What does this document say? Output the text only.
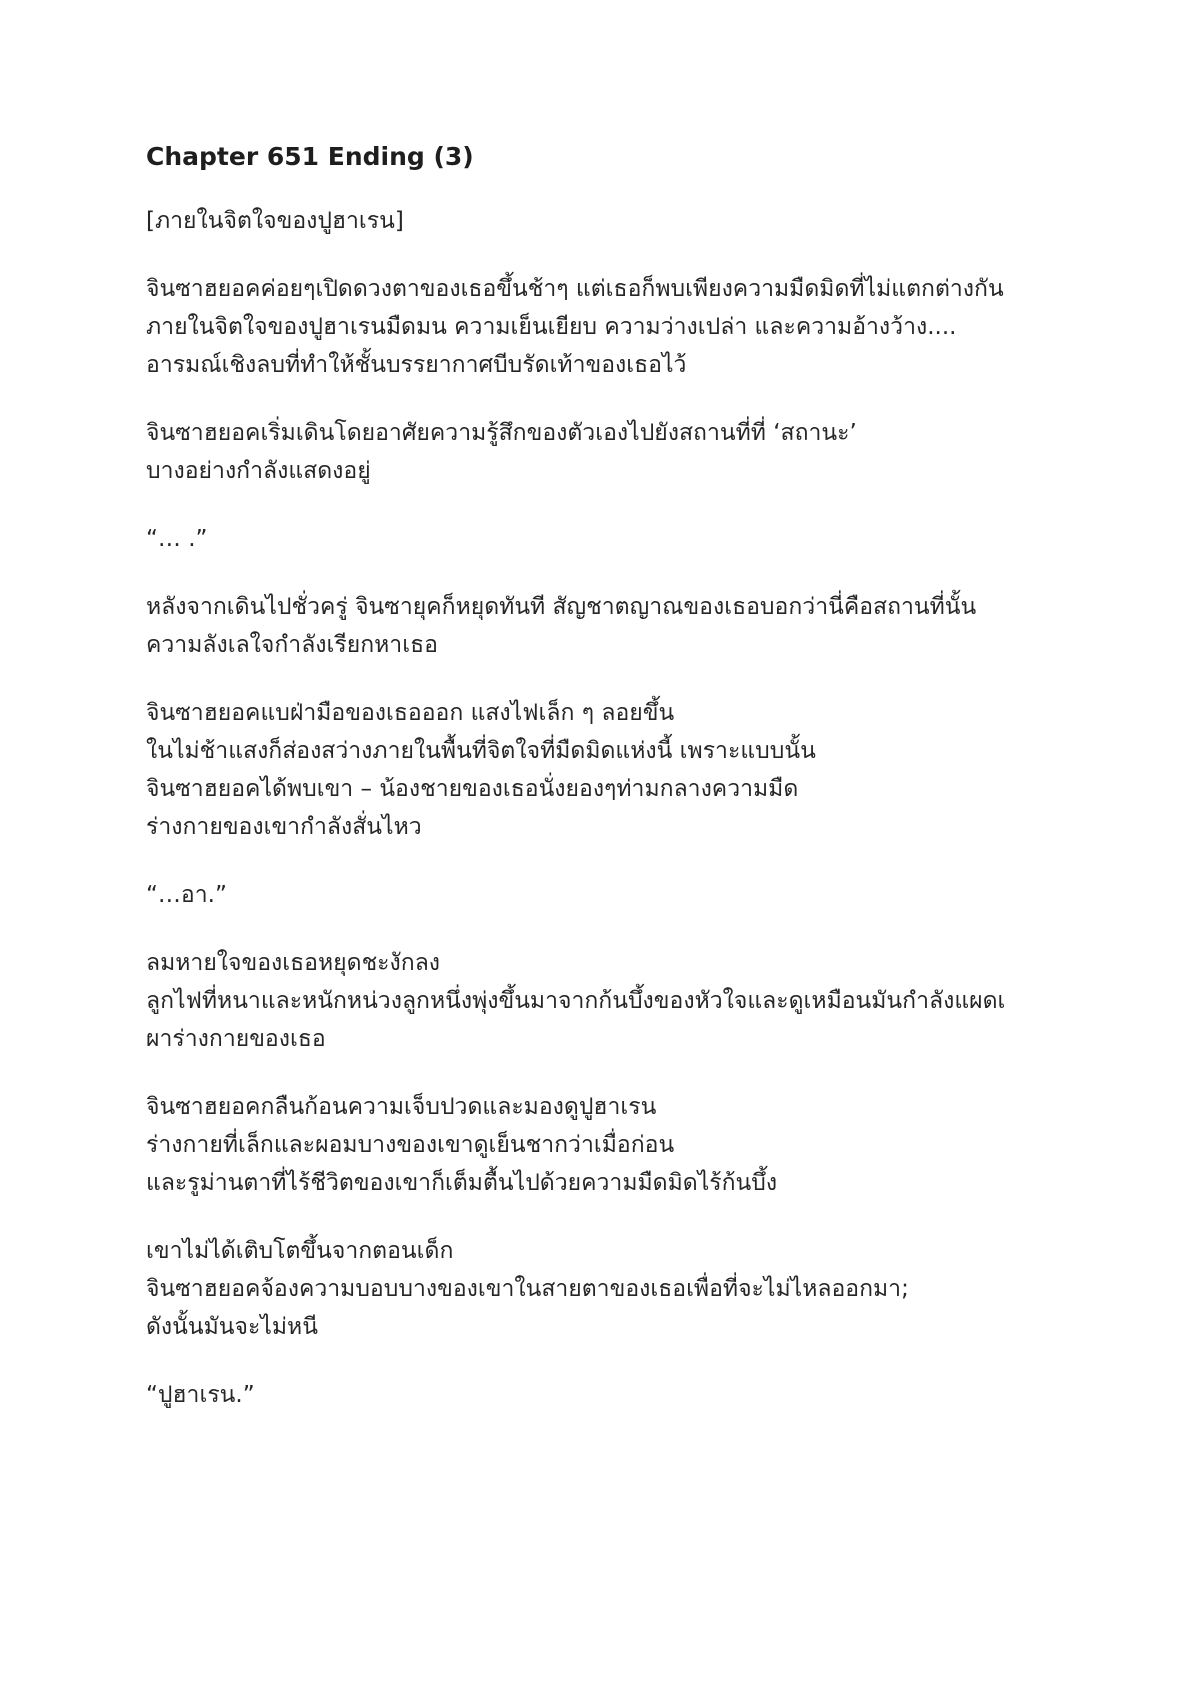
Chapter 651 Ending (3)
[ภายในจิตใจของปูฮาเรน]
จินซาฮยอคค่อยๆเปิดดวงตาของเธอขึ้นช้าๆ แต่เธอก็พบเพียงความมืดมิดที่ไม่แตกต่างกัน
ภายในจิตใจของปูฮาเรนมืดมน ความเย็นเยียบ ความว่างเปล่า และความอ้างว้าง....
อารมณ์เชิงลบที่ทำให้ชั้นบรรยากาศบีบรัดเท้าของเธอไว้
จินซาฮยอคเริ่มเดินโดยอาศัยความรู้สึกของตัวเองไปยังสถานที่ที่ ‘สถานะ’
บางอย่างกำลังแสดงอยู่
“… .”
หลังจากเดินไปชั่วครู่ จินซายุคก็หยุดทันที สัญชาตญาณของเธอบอกว่านี่คือสถานที่นั้น
ความลังเลใจกำลังเรียกหาเธอ
จินซาฮยอคแบฝ่ามือของเธอออก แสงไฟเล็ก ๆ ลอยขึ้น
ในไม่ช้าแสงก็ส่องสว่างภายในพื้นที่จิตใจที่มืดมิดแห่งนี้ เพราะแบบนั้น
จินซาฮยอคได้พบเขา – น้องชายของเธอนั่งยองๆท่ามกลางความมืด
ร่างกายของเขากำลังสั่นไหว
“…อา.”
ลมหายใจของเธอหยุดชะงักลง
ลูกไฟที่หนาและหนักหน่วงลูกหนึ่งพุ่งขึ้นมาจากก้นบึ้งของหัวใจและดูเหมือนมันกำลังแผดเ
ผาร่างกายของเธอ
จินซาฮยอคกลืนก้อนความเจ็บปวดและมองดูปูฮาเรน
ร่างกายที่เล็กและผอมบางของเขาดูเย็นชากว่าเมื่อก่อน
และรูม่านตาที่ไร้ชีวิตของเขาก็เต็มตื้นไปด้วยความมืดมิดไร้ก้นบึ้ง
เขาไม่ได้เติบโตขึ้นจากตอนเด็ก
จินซาฮยอคจ้องความบอบบางของเขาในสายตาของเธอเพื่อที่จะไม่ไหลออกมา;
ดังนั้นมันจะไม่หนี
“ปูฮาเรน.”
